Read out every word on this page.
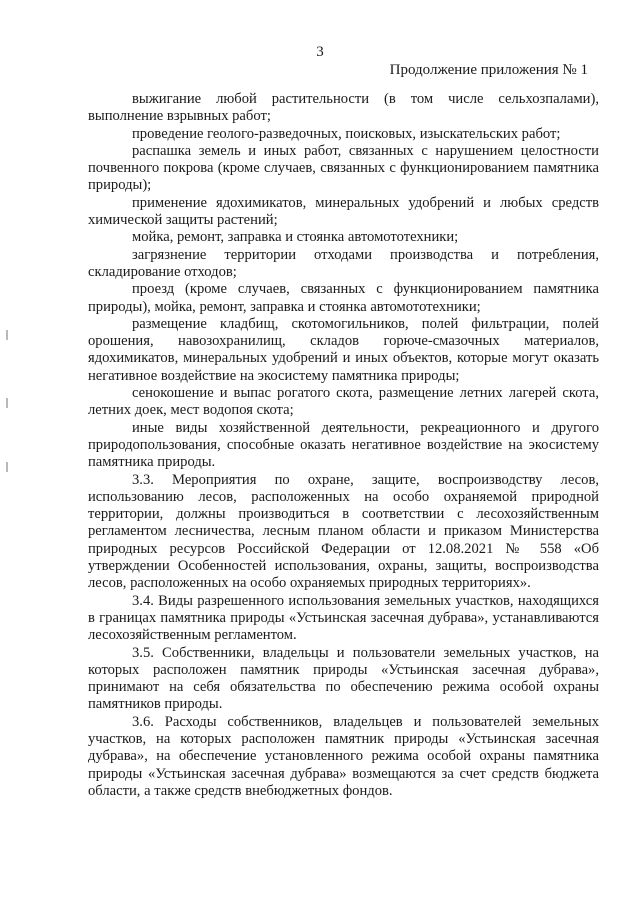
3
Продолжение приложения № 1

выжигание любой растительности (в том числе сельхозпалами), выполнение взрывных работ;

проведение геолого-разведочных, поисковых, изыскательских работ;

распашка земель и иных работ, связанных с нарушением целостности почвенного покрова (кроме случаев, связанных с функционированием памятника природы);

применение ядохимикатов, минеральных удобрений и любых средств химической защиты растений;

мойка, ремонт, заправка и стоянка автомототехники;

загрязнение территории отходами производства и потребления, складирование отходов;

проезд (кроме случаев, связанных с функционированием памятника природы), мойка, ремонт, заправка и стоянка автомототехники;

размещение кладбищ, скотомогильников, полей фильтрации, полей орошения, навозохранилищ, складов горюче-смазочных материалов, ядохимикатов, минеральных удобрений и иных объектов, которые могут оказать негативное воздействие на экосистему памятника природы;

сенокошение и выпас рогатого скота, размещение летних лагерей скота, летних доек, мест водопоя скота;

иные виды хозяйственной деятельности, рекреационного и другого природопользования, способные оказать негативное воздействие на экосистему памятника природы.

3.3. Мероприятия по охране, защите, воспроизводству лесов, использованию лесов, расположенных на особо охраняемой природной территории, должны производиться в соответствии с лесохозяйственным регламентом лесничества, лесным планом области и приказом Министерства природных ресурсов Российской Федерации от 12.08.2021 № 558 «Об утверждении Особенностей использования, охраны, защиты, воспроизводства лесов, расположенных на особо охраняемых природных территориях».

3.4. Виды разрешенного использования земельных участков, находящихся в границах памятника природы «Устьинская засечная дубрава», устанавливаются лесохозяйственным регламентом.

3.5. Собственники, владельцы и пользователи земельных участков, на которых расположен памятник природы «Устьинская засечная дубрава», принимают на себя обязательства по обеспечению режима особой охраны памятников природы.

3.6. Расходы собственников, владельцев и пользователей земельных участков, на которых расположен памятник природы «Устьинская засечная дубрава», на обеспечение установленного режима особой охраны памятника природы «Устьинская засечная дубрава» возмещаются за счет средств бюджета области, а также средств внебюджетных фондов.
